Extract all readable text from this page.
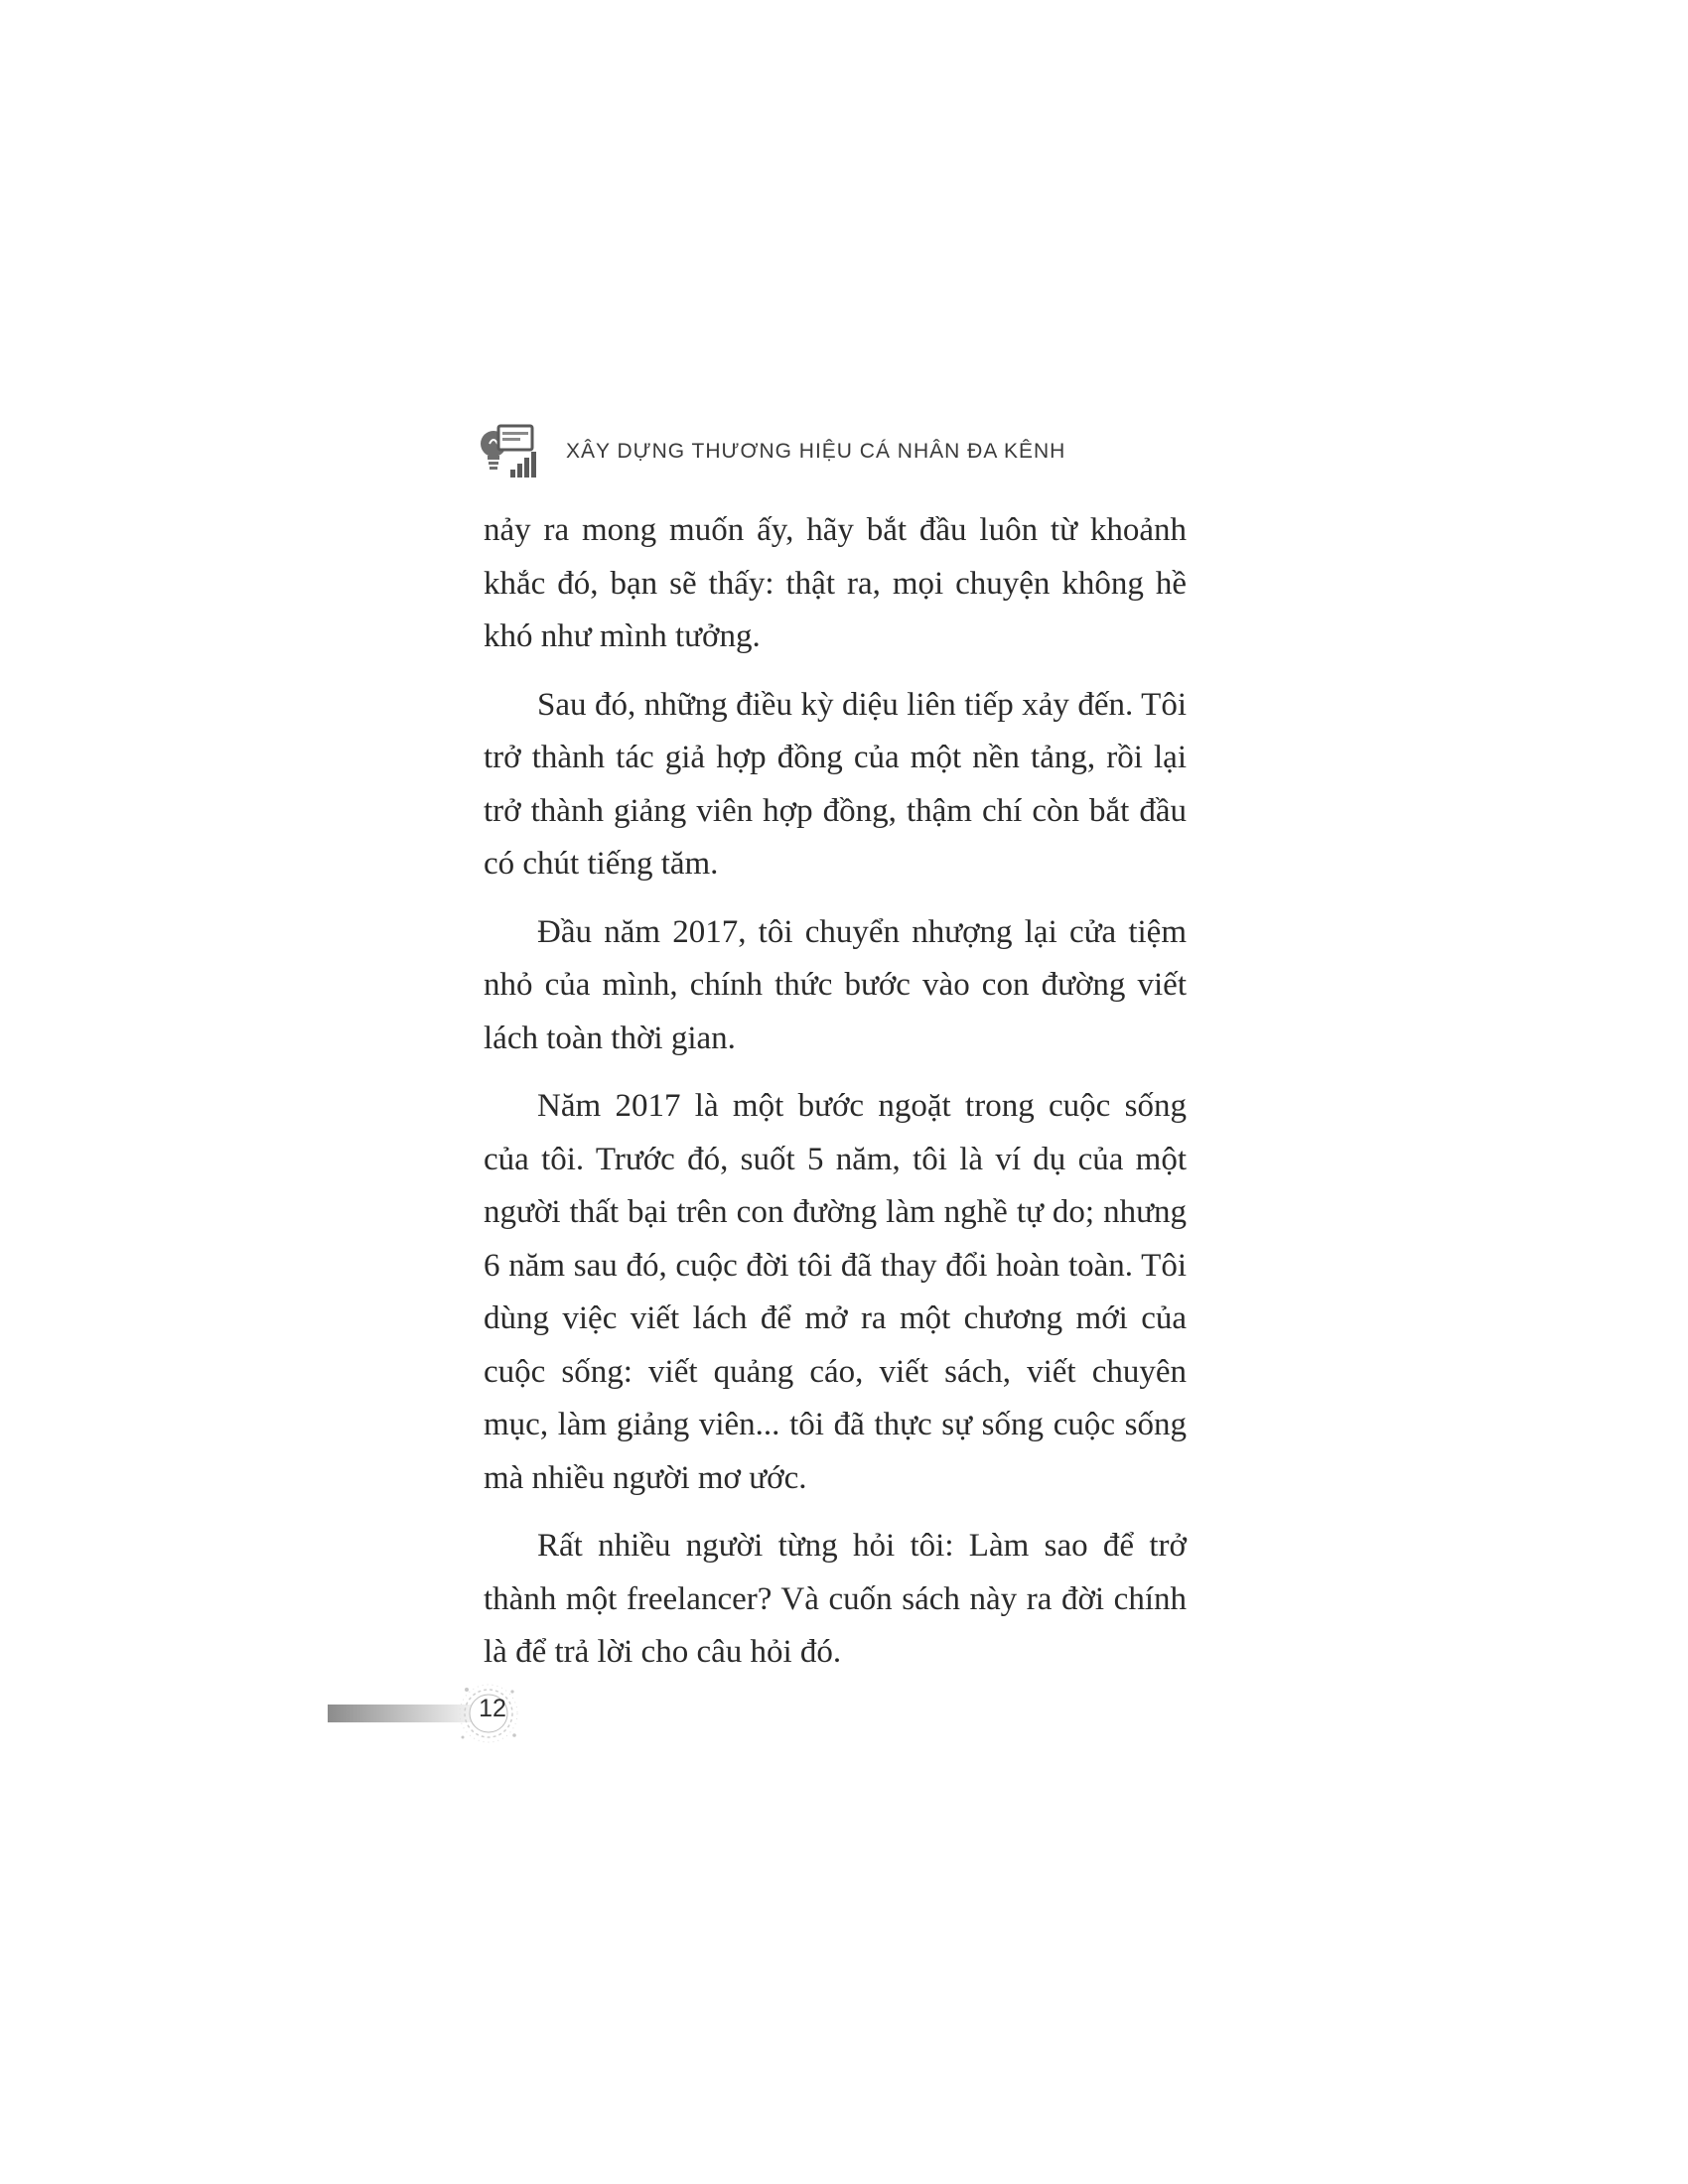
XÂY DỰNG THƯƠNG HIỆU CÁ NHÂN ĐA KÊNH

nảy ra mong muốn ấy, hãy bắt đầu luôn từ khoảnh khắc đó, bạn sẽ thấy: thật ra, mọi chuyện không hề khó như mình tưởng.

Sau đó, những điều kỳ diệu liên tiếp xảy đến. Tôi trở thành tác giả hợp đồng của một nền tảng, rồi lại trở thành giảng viên hợp đồng, thậm chí còn bắt đầu có chút tiếng tăm.

Đầu năm 2017, tôi chuyển nhượng lại cửa tiệm nhỏ của mình, chính thức bước vào con đường viết lách toàn thời gian.

Năm 2017 là một bước ngoặt trong cuộc sống của tôi. Trước đó, suốt 5 năm, tôi là ví dụ của một người thất bại trên con đường làm nghề tự do; nhưng 6 năm sau đó, cuộc đời tôi đã thay đổi hoàn toàn. Tôi dùng việc viết lách để mở ra một chương mới của cuộc sống: viết quảng cáo, viết sách, viết chuyên mục, làm giảng viên... tôi đã thực sự sống cuộc sống mà nhiều người mơ ước.

Rất nhiều người từng hỏi tôi: Làm sao để trở thành một freelancer? Và cuốn sách này ra đời chính là để trả lời cho câu hỏi đó.

12
